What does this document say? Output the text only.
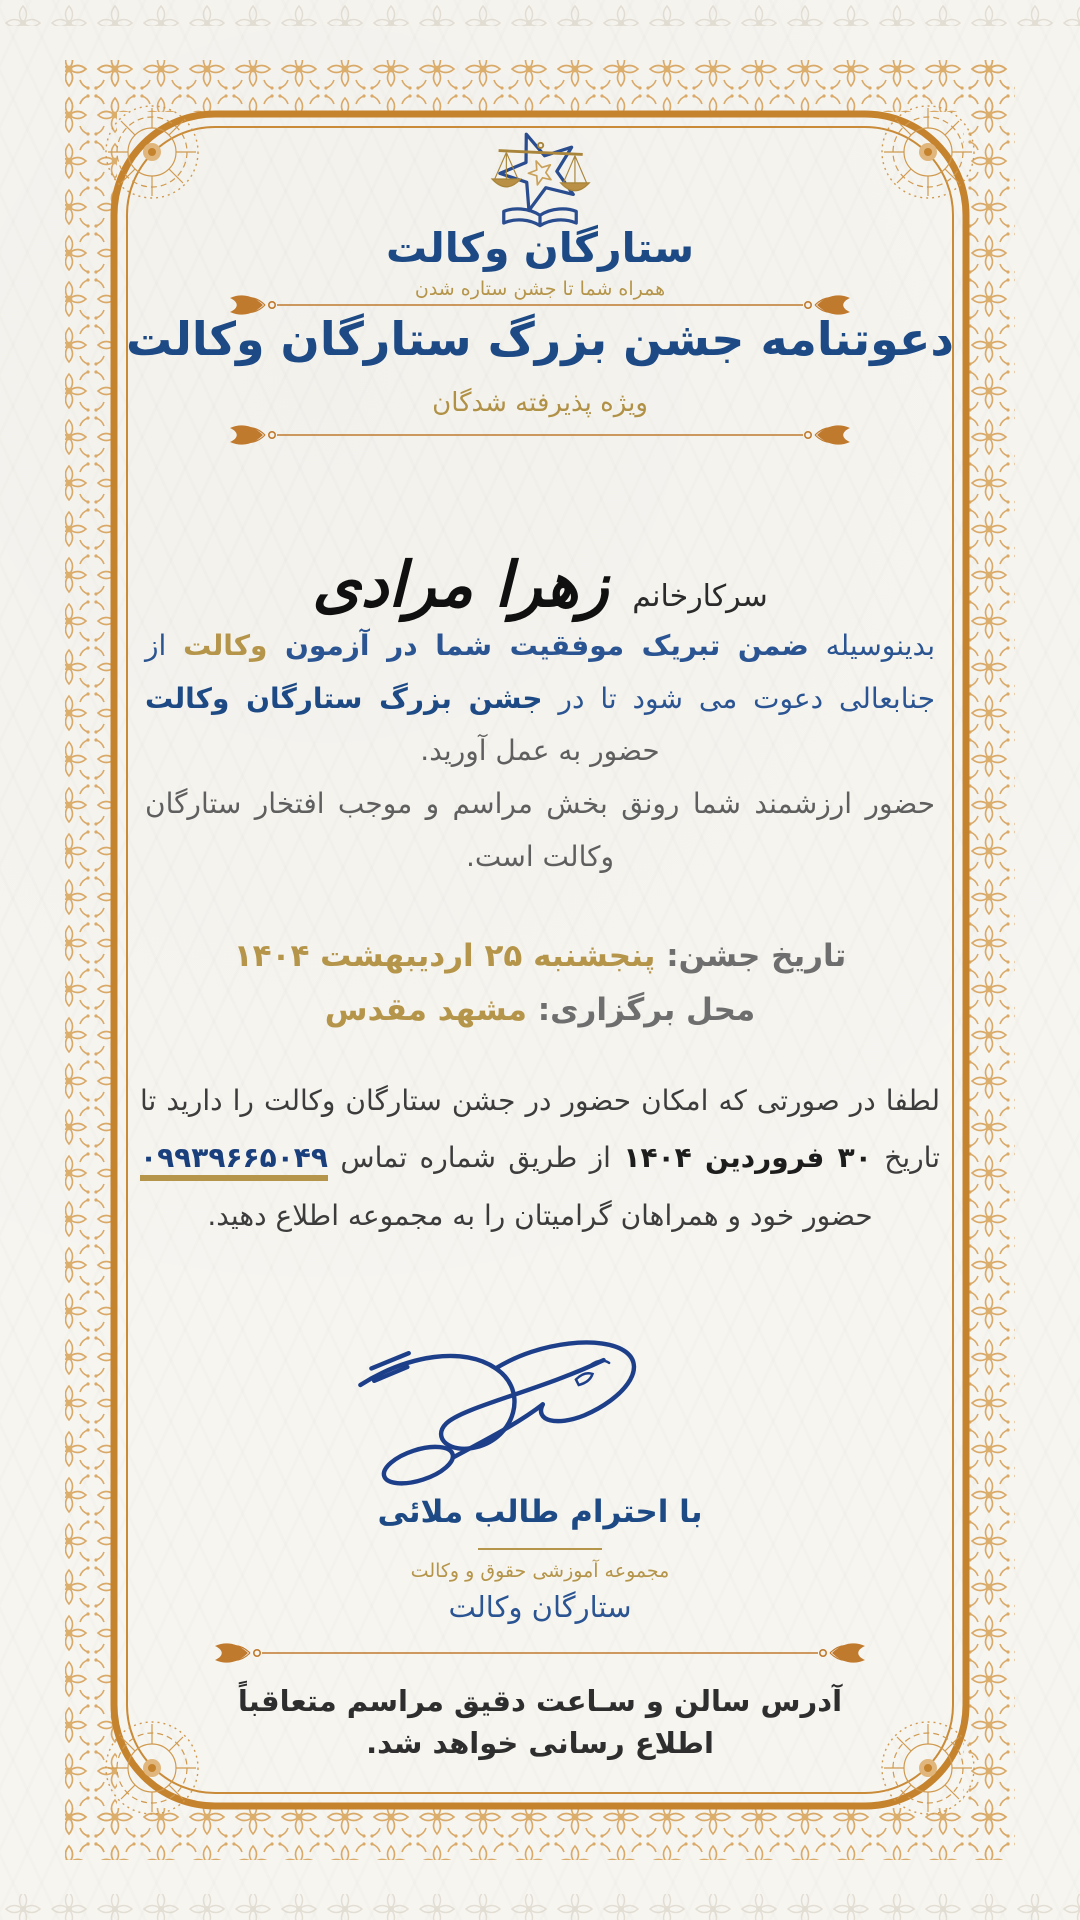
ستارگان وکالت
همراه شما تا جشن ستاره شدن
دعوتنامه جشن بزرگ ستارگان وکالت
ویژه پذیرفته شدگان
سرکارخانم زهرا مرادی
بدینوسیله ضمن تبریک موفقیت شما در آزمون وکالت از جنابعالی دعوت می شود تا در جشن بزرگ ستارگان وکالت حضور به عمل آورید.
حضور ارزشمند شما رونق بخش مراسم و موجب افتخار ستارگان وکالت است.
تاریخ جشن: پنجشنبه ۲۵ اردیبهشت ۱۴۰۴
محل برگزاری: مشهد مقدس
لطفا در صورتی که امکان حضور در جشن ستارگان وکالت را دارید تا تاریخ ۳۰ فروردین ۱۴۰۴ از طریق شماره تماس ۰۹۹۳۹۶۶۵۰۴۹ حضور خود و همراهان گرامیتان را به مجموعه اطلاع دهید.
با احترام طالب ملائی
مجموعه آموزشی حقوق و وکالت
ستارگان وکالت
آدرس سالن و سـاعت دقیق مراسم متعاقباً
اطلاع رسانی خواهد شد.
